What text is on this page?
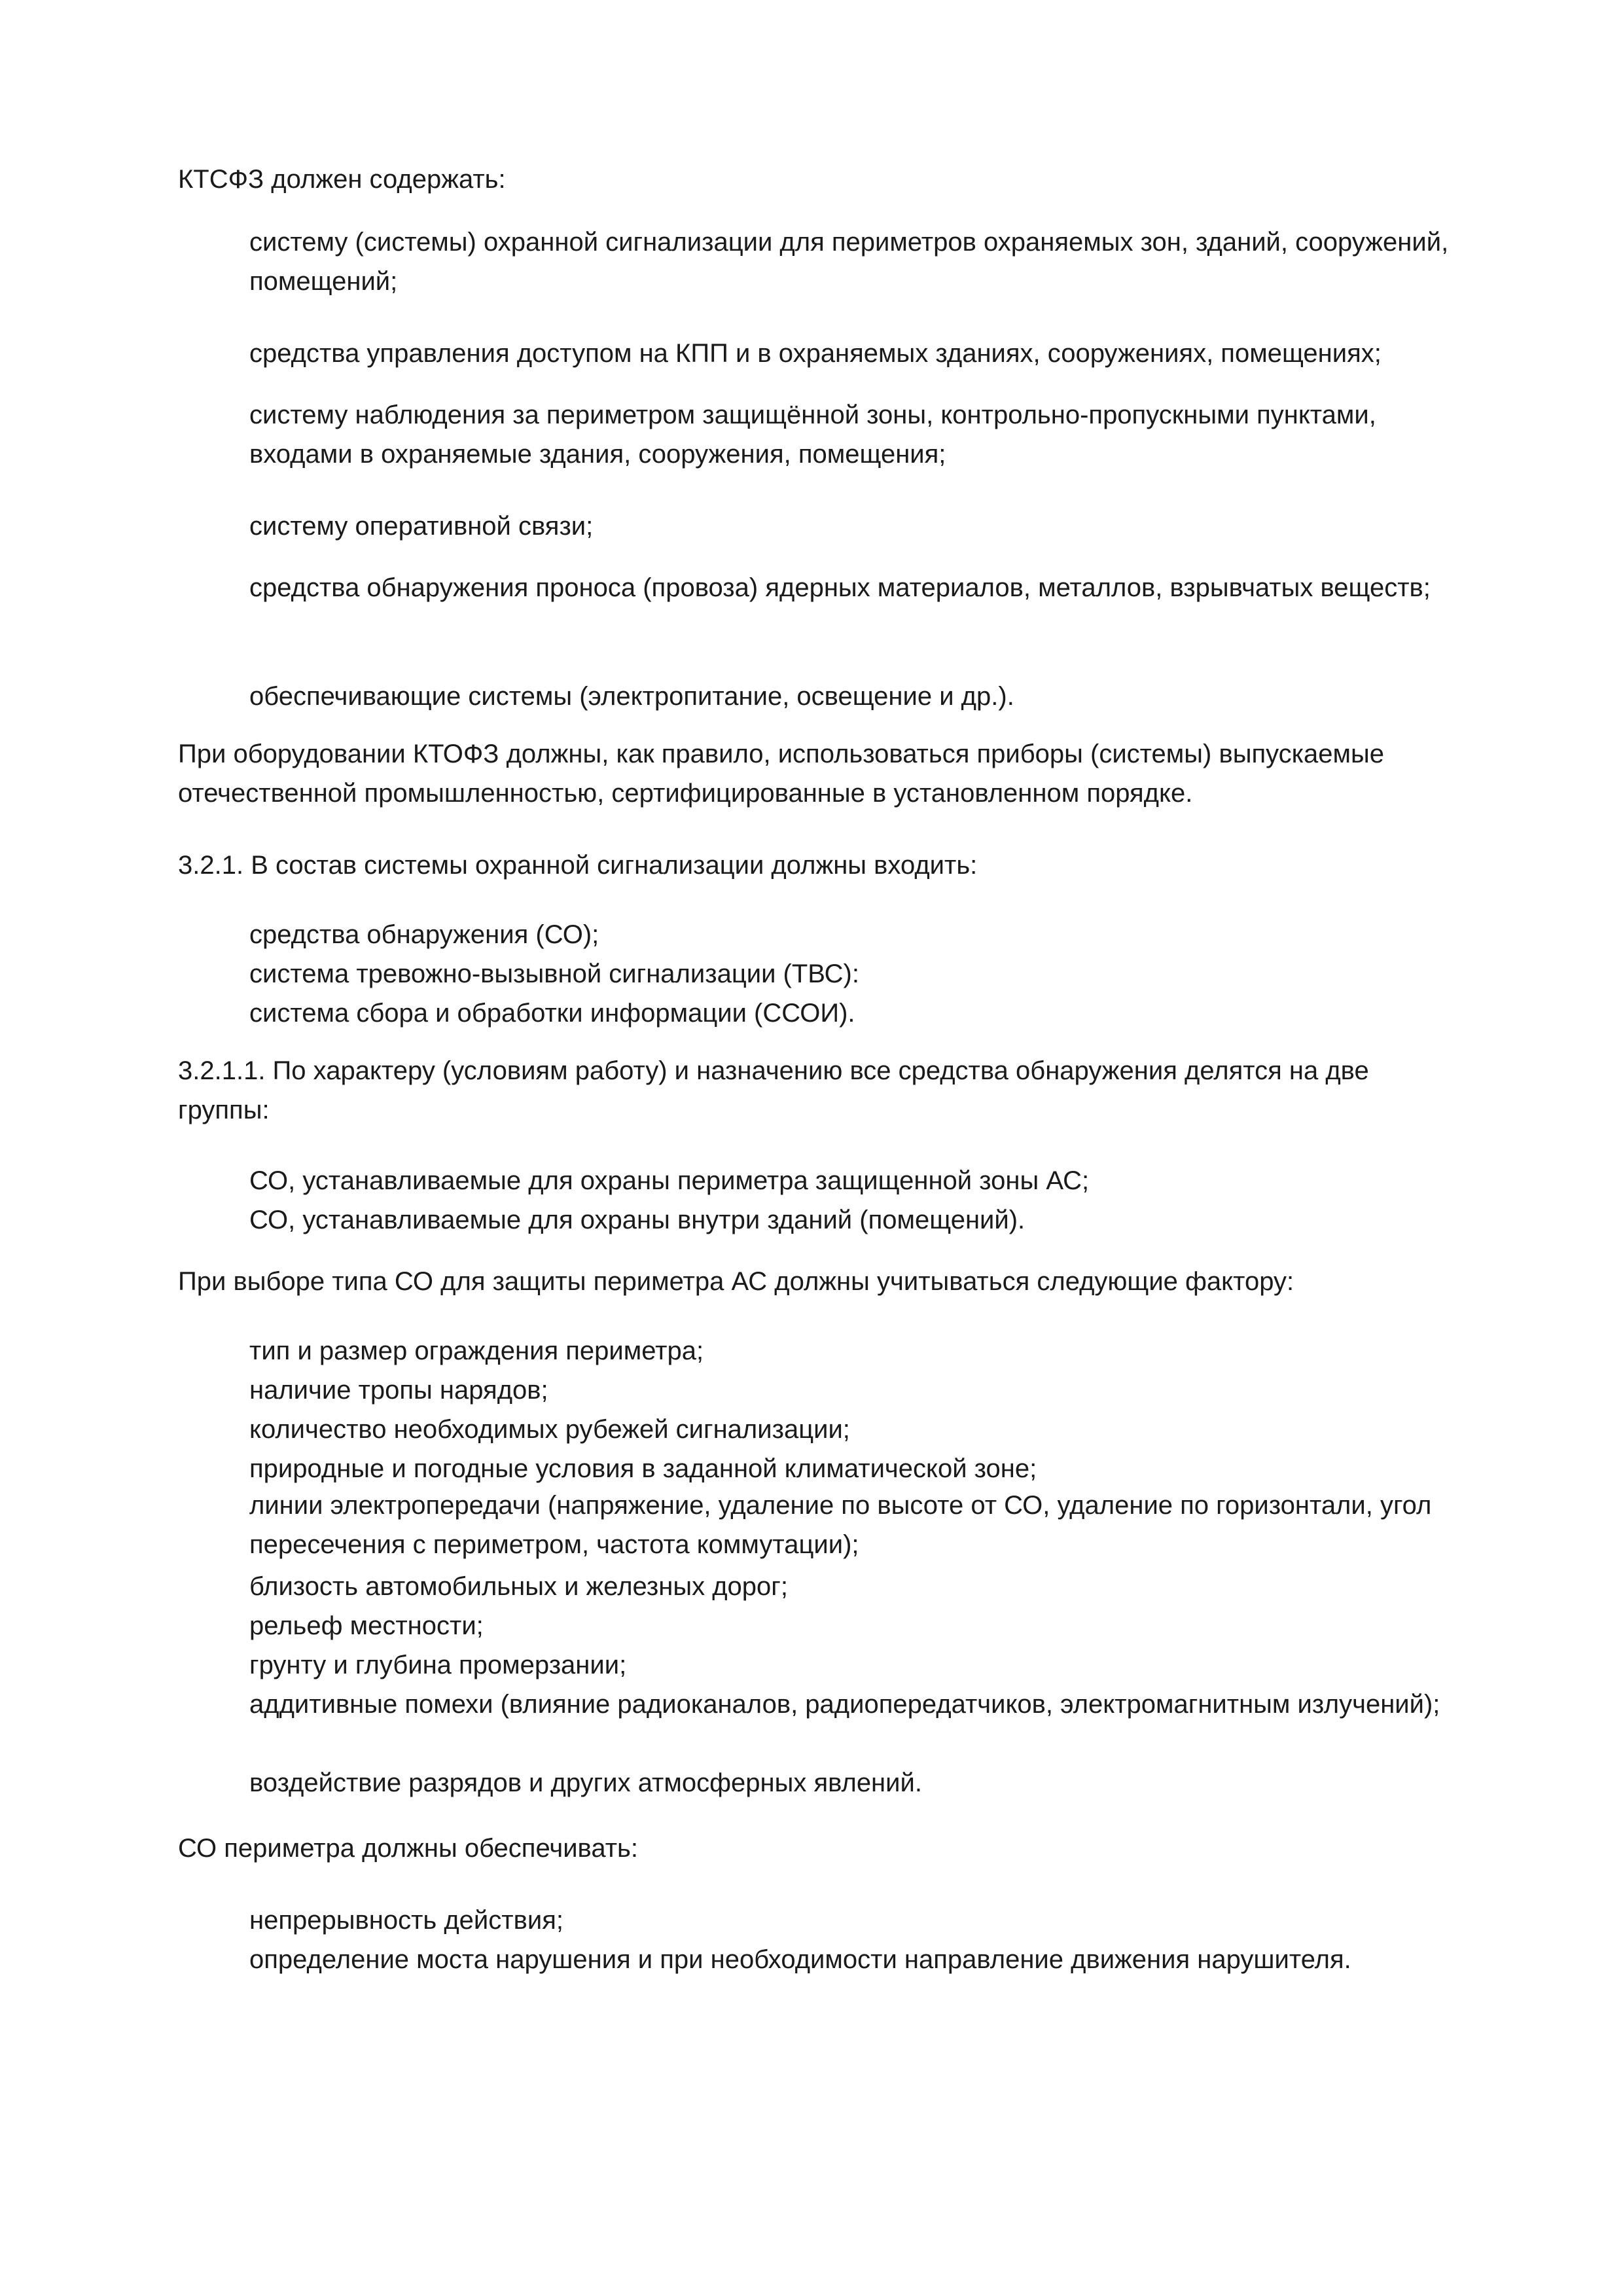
КТСФЗ должен содержать:

систему (системы) охранной сигнализации для периметров охраняемых зон, зданий, сооружений, помещений;

средства управления доступом на КПП и в охраняемых зданиях, сооружениях, помещениях;

систему наблюдения за периметром защищённой зоны, контрольно-пропускными пунктами, входами в охраняемые здания, сооружения, помещения;

систему оперативной связи;

средства обнаружения проноса (провоза) ядерных материалов, металлов, взрывчатых веществ;

обеспечивающие системы (электропитание, освещение и др.).

При оборудовании КТОФЗ должны, как правило, использоваться приборы (системы) выпускаемые отечественной промышленностью, сертифицированные в установленном порядке.

3.2.1. В состав системы охранной сигнализации должны входить:

средства обнаружения (СО);

система тревожно-вызывной сигнализации (ТВС):

система сбора и обработки информации (ССОИ).

3.2.1.1. По характеру (условиям работу) и назначению все средства обнаружения делятся на две группы:

СО, устанавливаемые для охраны периметра защищенной зоны АС;

СО, устанавливаемые для охраны внутри зданий (помещений).

При выборе типа СО для защиты периметра АС должны учитываться следующие фактору:

тип и размер ограждения периметра;

наличие тропы нарядов;

количество необходимых рубежей сигнализации;

природные и погодные условия в заданной климатической зоне;

линии электропередачи (напряжение, удаление по высоте от СО, удаление по горизонтали, угол пересечения с периметром, частота коммутации);

близость автомобильных и железных дорог;

рельеф местности;

грунту и глубина промерзании;

аддитивные помехи (влияние радиоканалов, радиопередатчиков, электромагнитным излучений);

воздействие разрядов и других атмосферных явлений.

СО периметра должны обеспечивать:

непрерывность действия;

определение моста нарушения и при необходимости направление движения нарушителя.
